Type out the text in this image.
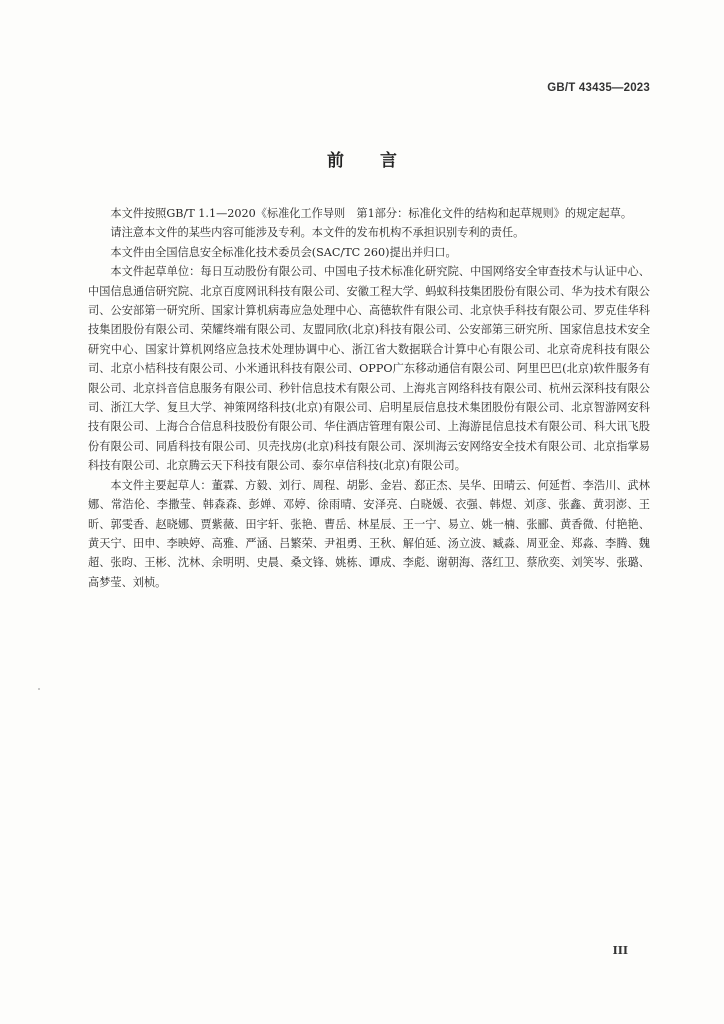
GB/T 43435—2023
前言

本文件按照GB/T 1.1—2020《标准化工作导则　第1部分：标准化文件的结构和起草规则》的规定起草。

请注意本文件的某些内容可能涉及专利。本文件的发布机构不承担识别专利的责任。

本文件由全国信息安全标准化技术委员会(SAC/TC 260)提出并归口。

本文件起草单位：每日互动股份有限公司、中国电子技术标准化研究院、中国网络安全审查技术与认证中心、中国信息通信研究院、北京百度网讯科技有限公司、安徽工程大学、蚂蚁科技集团股份有限公司、华为技术有限公司、公安部第一研究所、国家计算机病毒应急处理中心、高德软件有限公司、北京快手科技有限公司、罗克佳华科技集团股份有限公司、荣耀终端有限公司、友盟同欣(北京)科技有限公司、公安部第三研究所、国家信息技术安全研究中心、国家计算机网络应急技术处理协调中心、浙江省大数据联合计算中心有限公司、北京奇虎科技有限公司、北京小桔科技有限公司、小米通讯科技有限公司、OPPO广东移动通信有限公司、阿里巴巴(北京)软件服务有限公司、北京抖音信息服务有限公司、秒针信息技术有限公司、上海兆言网络科技有限公司、杭州云深科技有限公司、浙江大学、复旦大学、神策网络科技(北京)有限公司、启明星辰信息技术集团股份有限公司、北京智游网安科技有限公司、上海合合信息科技股份有限公司、华住酒店管理有限公司、上海游昆信息技术有限公司、科大讯飞股份有限公司、同盾科技有限公司、贝壳找房(北京)科技有限公司、深圳海云安网络安全技术有限公司、北京指掌易科技有限公司、北京腾云天下科技有限公司、泰尔卓信科技(北京)有限公司。

本文件主要起草人：董霖、方毅、刘行、周程、胡影、金岩、郄正杰、吴华、田晴云、何延哲、李浩川、武林娜、常浩伦、李撒莹、韩森森、彭婵、邓婷、徐雨晴、安泽亮、白晓媛、衣强、韩煜、刘彦、张鑫、黄羽澎、王昕、郭雯香、赵晓娜、贾紫薇、田宇轩、张艳、曹岳、林星辰、王一宁、易立、姚一楠、张郦、黄香微、付艳艳、黄天宁、田申、李映婷、高雅、严涵、吕繁荣、尹祖勇、王秋、解伯延、汤立波、臧淼、周亚金、郑淼、李腾、魏超、张昀、王彬、沈林、余明明、史晨、桑文锋、姚栋、谭成、李彪、谢朝海、落红卫、蔡欣奕、刘笑岑、张璐、高梦莹、刘桢。

III
